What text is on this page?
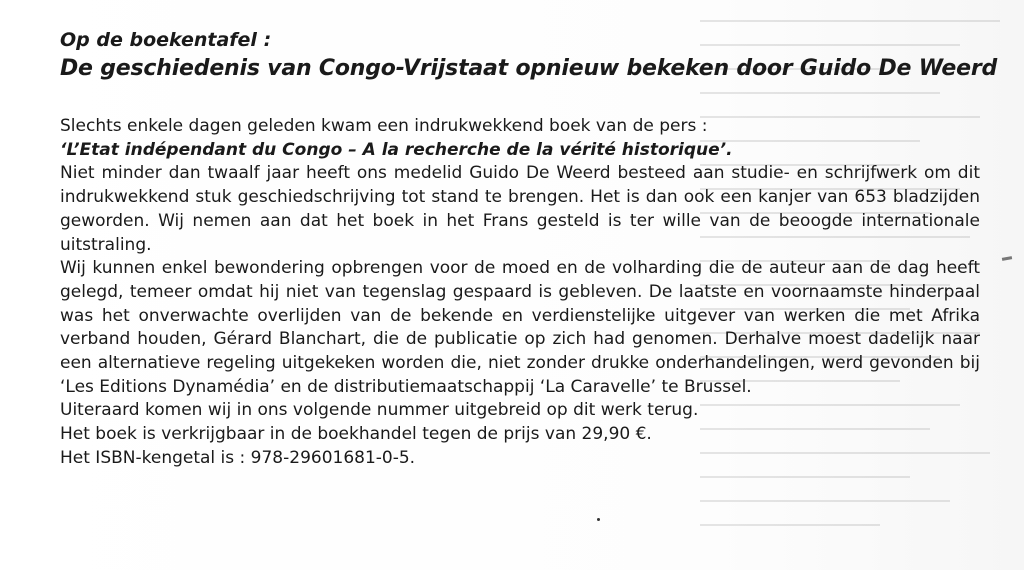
Op de boekentafel :

De geschiedenis van Congo-Vrijstaat opnieuw bekeken door Guido De Weerd

Slechts enkele dagen geleden kwam een indrukwekkend boek van de pers :

‘L’Etat indépendant du Congo – A la recherche de la vérité historique’.

Niet minder dan twaalf jaar heeft ons medelid Guido De Weerd besteed aan studie- en schrijfwerk om dit indrukwekkend stuk geschiedschrijving tot stand te brengen. Het is dan ook een kanjer van 653 bladzijden geworden. Wij nemen aan dat het boek in het Frans gesteld is ter wille van de beoogde internationale uitstraling.

Wij kunnen enkel bewondering opbrengen voor de moed en de volharding die de auteur aan de dag heeft gelegd, temeer omdat hij niet van tegenslag gespaard is gebleven. De laatste en voornaamste hinderpaal was het onverwachte overlijden van de bekende en verdienstelijke uitgever van werken die met Afrika verband houden, Gérard Blanchart, die de publicatie op zich had genomen. Derhalve moest dadelijk naar een alternatieve regeling uitgekeken worden die, niet zonder drukke onderhandelingen, werd gevonden bij ‘Les Editions Dynamédia’ en de distributiemaatschappij ‘La Caravelle’ te Brussel.

Uiteraard komen wij in ons volgende nummer uitgebreid op dit werk terug.

Het boek is verkrijgbaar in de boekhandel tegen de prijs van 29,90 €.

Het ISBN-kengetal is : 978-29601681-0-5.
